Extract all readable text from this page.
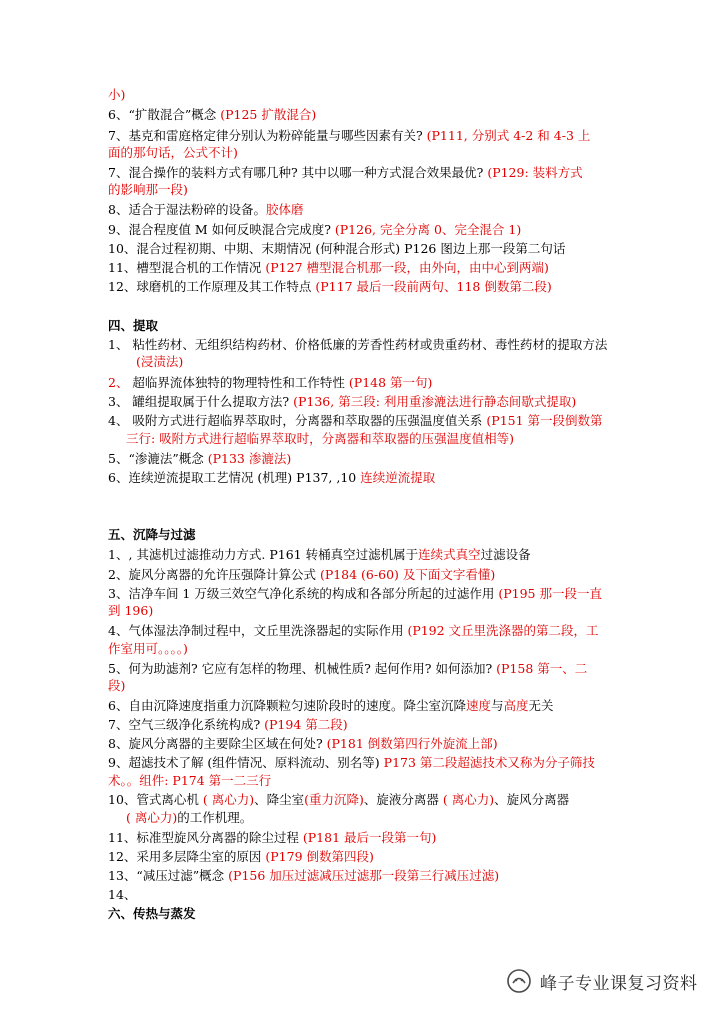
小)
6、“扩散混合”概念 (P125 扩散混合)
7、基克和雷庭格定律分别认为粉碎能量与哪些因素有关? (P111, 分别式 4-2 和 4-3 上
面的那句话，公式不计)
7、混合操作的装料方式有哪几种? 其中以哪一种方式混合效果最优? (P129: 装料方式
的影响那一段)
8、适合于湿法粉碎的设备。胶体磨
9、混合程度值 M 如何反映混合完成度? (P126, 完全分离 0、完全混合 1)
10、混合过程初期、中期、末期情况 (何种混合形式) P126 图边上那一段第二句话
11、槽型混合机的工作情况 (P127 槽型混合机那一段，由外向，由中心到两端)
12、球磨机的工作原理及其工作特点 (P117 最后一段前两句、118 倒数第二段)
四、提取
1、 粘性药材、无组织结构药材、价格低廉的芳香性药材或贵重药材、毒性药材的提取方法
(浸渍法)
2、 超临界流体独特的物理特性和工作特性 (P148 第一句)
3、 罐组提取属于什么提取方法? (P136, 第三段: 利用重渗漉法进行静态间歇式提取)
4、 吸附方式进行超临界萃取时，分离器和萃取器的压强温度值关系 (P151 第一段倒数第
三行: 吸附方式进行超临界萃取时，分离器和萃取器的压强温度值相等)
5、“渗漉法”概念 (P133 渗漉法)
6、连续逆流提取工艺情况 (机理) P137, ,10 连续逆流提取
五、沉降与过滤
1、, 其滤机过滤推动力方式. P161 转桶真空过滤机属于连续式真空过滤设备
2、旋风分离器的允许压强降计算公式 (P184 (6-60) 及下面文字看懂)
3、洁净车间 1 万级三效空气净化系统的构成和各部分所起的过滤作用 (P195 那一段一直
到 196)
4、气体湿法净制过程中，文丘里洗涤器起的实际作用 (P192 文丘里洗涤器的第二段，工
作室用可。。。。)
5、何为助滤剂? 它应有怎样的物理、机械性质? 起何作用? 如何添加? (P158 第一、二
段)
6、自由沉降速度指重力沉降颗粒匀速阶段时的速度。降尘室沉降速度与高度无关
7、空气三级净化系统构成? (P194 第二段)
8、旋风分离器的主要除尘区域在何处? (P181 倒数第四行外旋流上部)
9、超滤技术了解 (组件情况、原料流动、别名等) P173 第二段超滤技术又称为分子筛技
术。。组件: P174 第一二三行
10、管式离心机 ( 离心力)、降尘室(重力沉降)、旋液分离器 ( 离心力)、旋风分离器
( 离心力)的工作机理。
11、标准型旋风分离器的除尘过程 (P181 最后一段第一句)
12、采用多层降尘室的原因 (P179 倒数第四段)
13、“减压过滤”概念 (P156 加压过滤减压过滤那一段第三行减压过滤)
14、
六、传热与蒸发
峰子专业课复习资料
